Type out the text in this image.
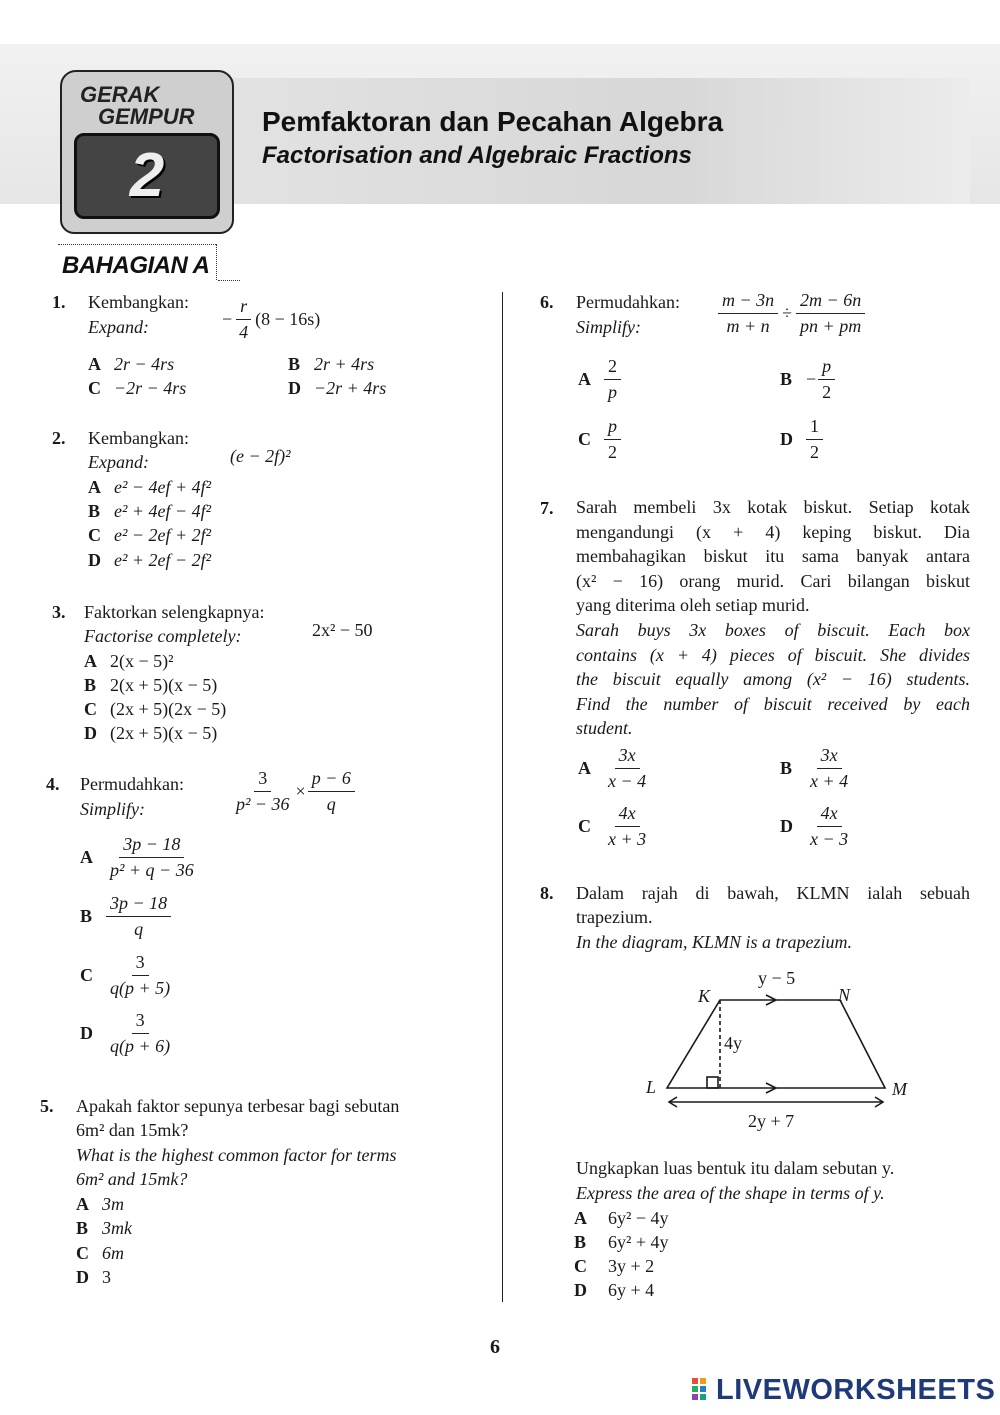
GERAK
GEMPUR
2
Pemfaktoran dan Pecahan Algebra
Factorisation and Algebraic Fractions
BAHAGIAN A
1. Kembangkan:
Expand:	− $\frac{r}{4} (8 - 16s)$
A 2r − 4rs	B 2r + 4rs
C −2r − 4rs	D −2r + 4rs
2. Kembangkan:
Expand:	(e − 2f)²
A e² − 4ef + 4f²
B e² + 4ef − 4f²
C e² − 2ef + 2f²
D e² + 2ef − 2f²
3. Faktorkan selengkapnya:
Factorise completely:	2x² − 50
A 2(x − 5)²
B 2(x + 5)(x − 5)
C (2x + 5)(2x − 5)
D (2x + 5)(x − 5)
4. Permudahkan:
Simplify:	$\frac{3}{\text{p² − 36}} \times \frac{p - 6}{q}$
A $\frac{3p - 18}{\text{p² + q − 36}}$
B $\frac{3p - 18}{q}$
C $\frac{3}{q(p + 5)}$
D $\frac{3}{q(p + 6)}$
5. Apakah faktor sepunya terbesar bagi sebutan
6m² dan 15mk?
What is the highest common factor for terms
6m² and 15mk?
A 3m
B 3mk
C 6m
D 3
6. Permudahkan:
Simplify:	$\frac{m - 3n}{m + n} \div \frac{2m - 6n}{pn + pm}$
A $\frac{2}{p}$	$B - \frac{p}{2}$
C $\frac{p}{2}$	D $\frac{1}{2}$
7. Sarah membeli 3x kotak biskut. Setiap kotak
mengandungi (x + 4) keping biskut. Dia
membahagikan biskut itu sama banyak antara
(x² − 16) orang murid. Cari bilangan biskut
yang diterima oleh setiap murid.
Sarah buys 3x boxes of biscuit. Each box
contains (x + 4) pieces of biscuit. She divides
the biscuit equally among (x² − 16) students.
Find the number of biscuit received by each
student.
A $\frac{3x}{x - 4}$	B $\frac{3x}{x + 4}$
C $\frac{4x}{x + 3}$	D $\frac{4x}{x - 3}$
8. Dalam rajah di bawah, KLMN ialah sebuah
trapezium.
In the diagram, KLMN is a trapezium.
K
L	M
N
y − 5
4y
2y + 7
Ungkapkan luas bentuk itu dalam sebutan y.
Express the area of the shape in terms of y.
A 6y² − 4y
B 6y² + 4y
C 3y + 2
D 6y + 4
6
LIVEWORKSHEETS
